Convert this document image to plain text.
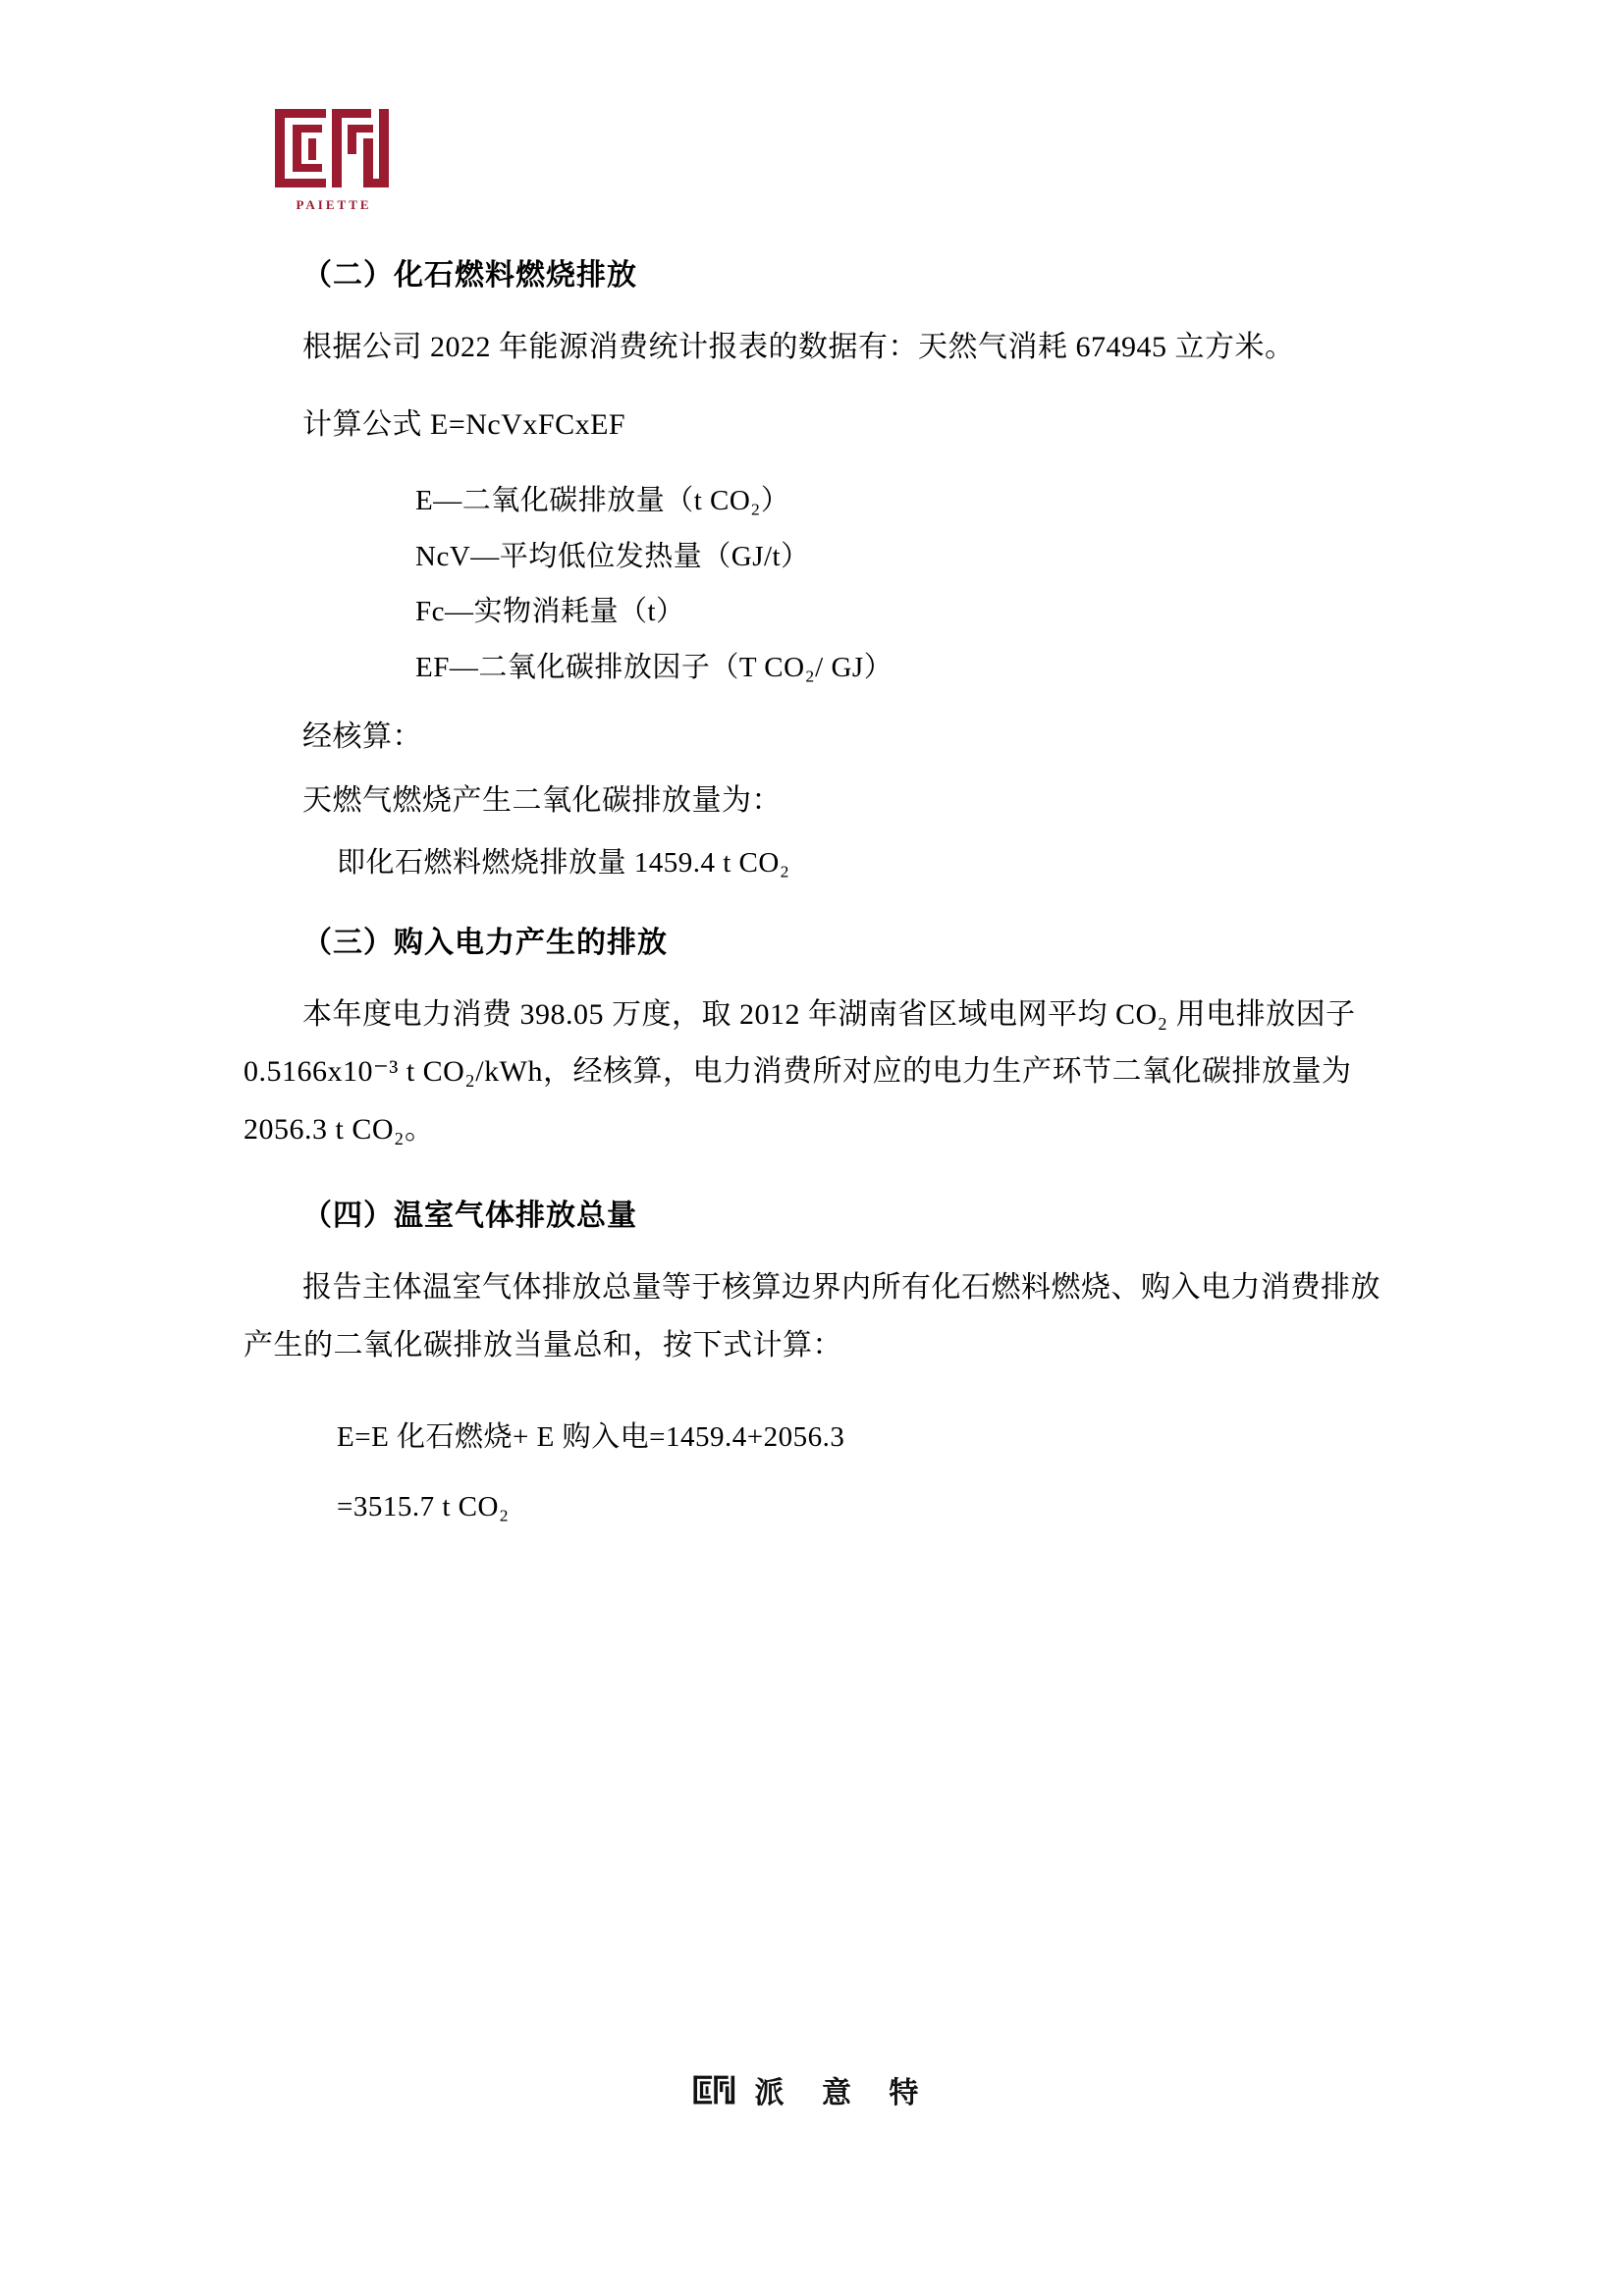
PAIETTE
（二）化石燃料燃烧排放

根据公司 2022 年能源消费统计报表的数据有：天然气消耗 674945 立方米。

计算公式 E=NcVxFCxEF

E—二氧化碳排放量（t CO₂）
NcV—平均低位发热量（GJ/t）
Fc—实物消耗量（t）
EF—二氧化碳排放因子（T CO₂/ GJ）

经核算：

天燃气燃烧产生二氧化碳排放量为：

即化石燃料燃烧排放量 1459.4 t CO₂
（三）购入电力产生的排放

本年度电力消费 398.05 万度，取 2012 年湖南省区域电网平均 CO₂ 用电排放因子 0.5166x10⁻³ t CO₂/kWh，经核算，电力消费所对应的电力生产环节二氧化碳排放量为 2056.3 t CO₂。

（四）温室气体排放总量

报告主体温室气体排放总量等于核算边界内所有化石燃料燃烧、购入电力消费排放产生的二氧化碳排放当量总和，按下式计算：

E=E 化石燃烧+ E 购入电=1459.4+2056.3
=3515.7 t CO₂
派 意 特
